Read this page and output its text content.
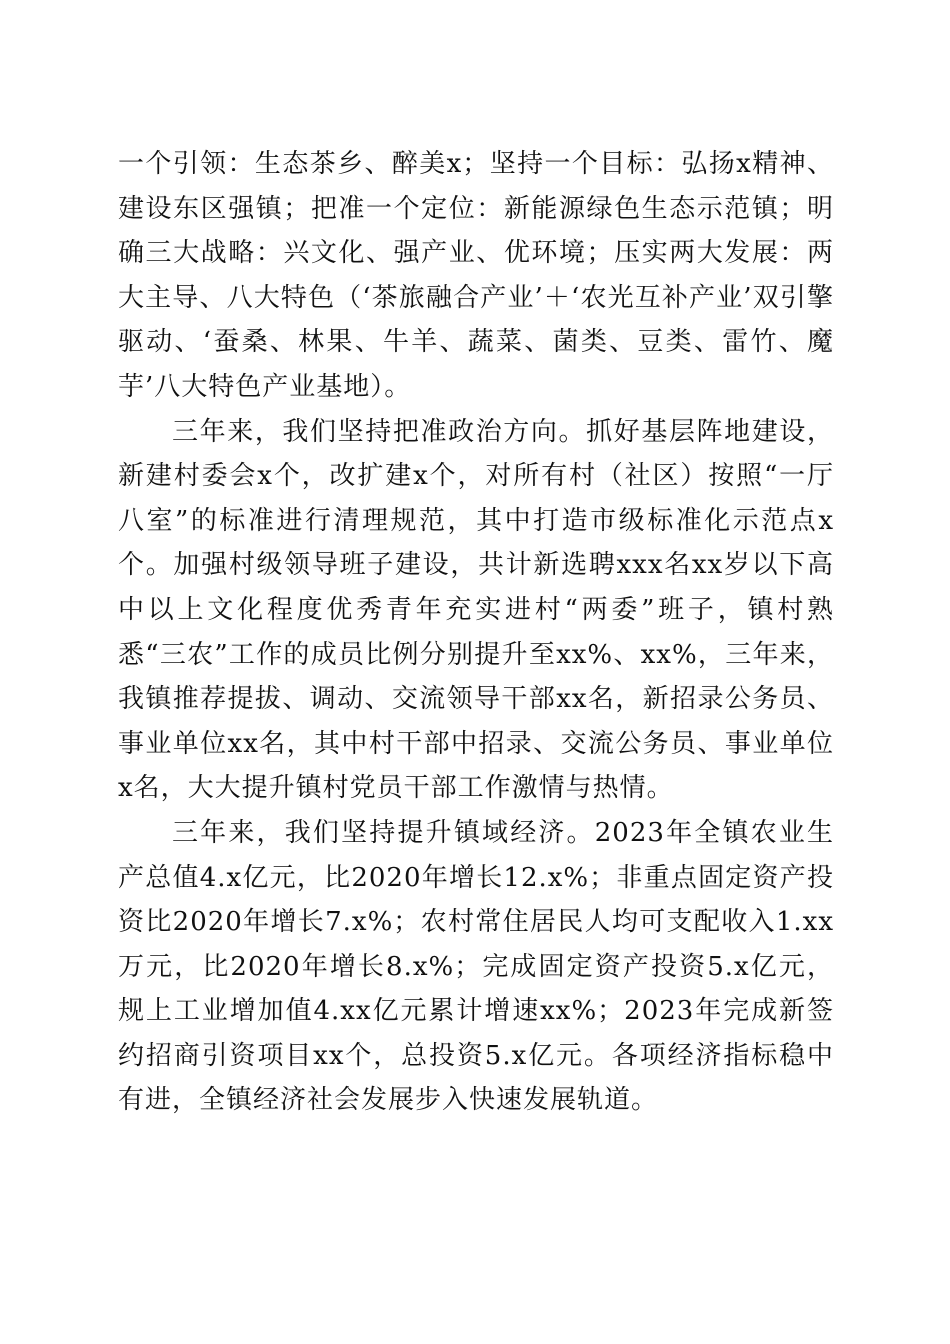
一个引领：生态茶乡、醉美x；坚持一个目标：弘扬x精神、建设东区强镇；把准一个定位：新能源绿色生态示范镇；明确三大战略：兴文化、强产业、优环境；压实两大发展：两大主导、八大特色（‘茶旅融合产业’＋‘农光互补产业’双引擎驱动、‘蚕桑、林果、牛羊、蔬菜、菌类、豆类、雷竹、魔芋’八大特色产业基地）。

三年来，我们坚持把准政治方向。抓好基层阵地建设，新建村委会x个，改扩建x个，对所有村（社区）按照“一厅八室”的标准进行清理规范，其中打造市级标准化示范点x个。加强村级领导班子建设，共计新选聘xxx名xx岁以下高中以上文化程度优秀青年充实进村“两委”班子，镇村熟悉“三农”工作的成员比例分别提升至xx%、xx%，三年来，我镇推荐提拔、调动、交流领导干部xx名，新招录公务员、事业单位xx名，其中村干部中招录、交流公务员、事业单位x名，大大提升镇村党员干部工作激情与热情。

三年来，我们坚持提升镇域经济。2023年全镇农业生产总值4.x亿元，比2020年增长12.x%；非重点固定资产投资比2020年增长7.x%；农村常住居民人均可支配收入1.xx万元，比2020年增长8.x%；完成固定资产投资5.x亿元，规上工业增加值4.xx亿元累计增速xx%；2023年完成新签约招商引资项目xx个，总投资5.x亿元。各项经济指标稳中有进，全镇经济社会发展步入快速发展轨道。
